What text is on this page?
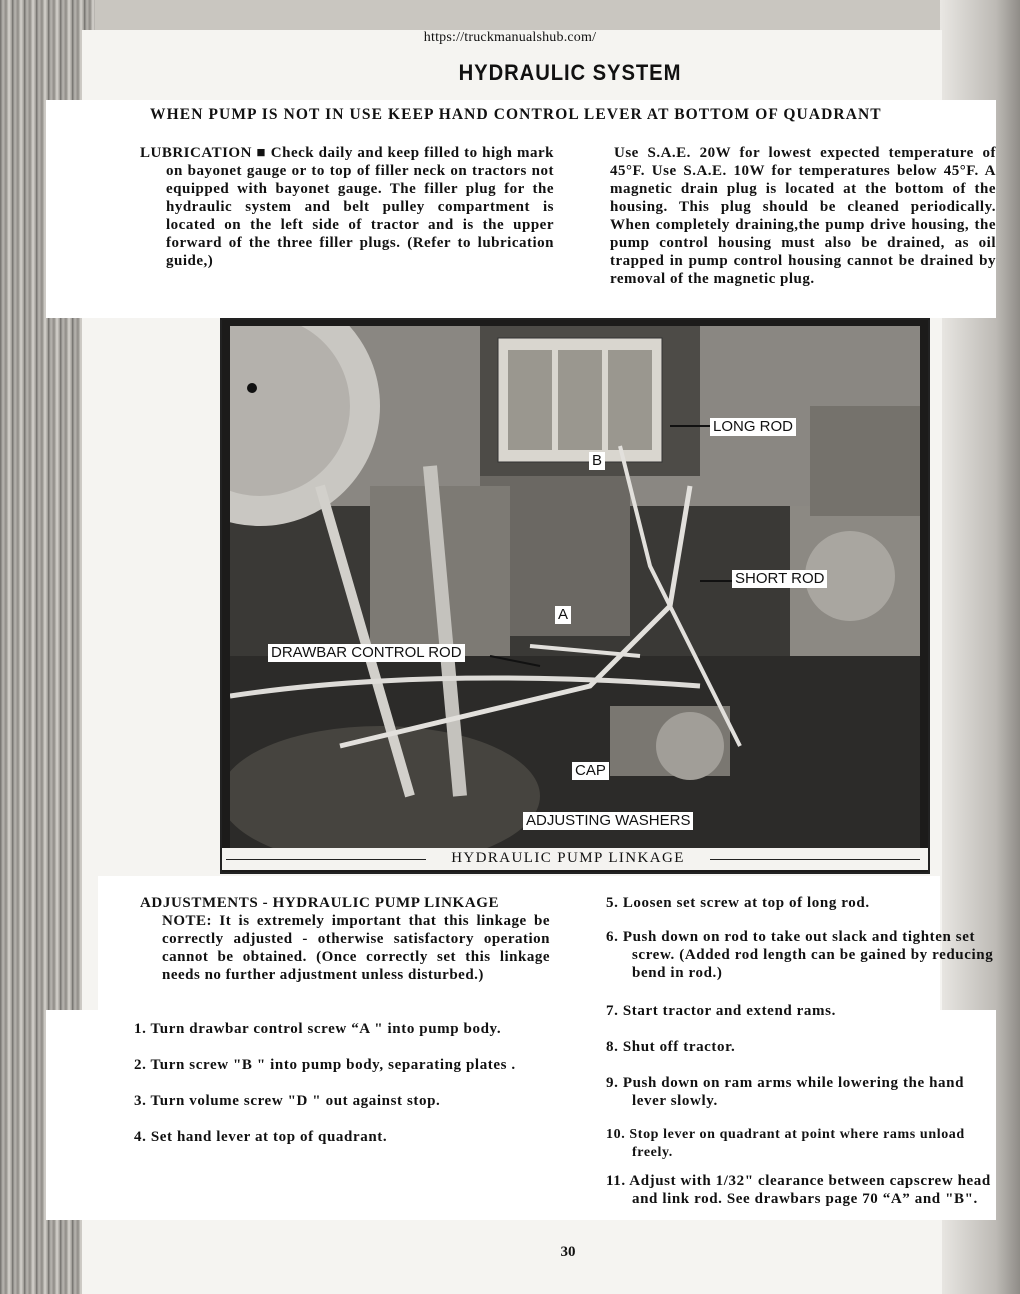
https://truckmanualshub.com/
HYDRAULIC SYSTEM
WHEN PUMP IS NOT IN USE KEEP HAND CONTROL LEVER AT BOTTOM OF QUADRANT

LUBRICATION ■ Check daily and keep filled to high mark on bayonet gauge or to top of filler neck on tractors not equipped with bayonet gauge. The filler plug for the hydraulic system and belt pulley compartment is located on the left side of tractor and is the upper forward of the three filler plugs. (Refer to lubrication guide,)

Use S.A.E. 20W for lowest expected temperature of 45°F. Use S.A.E. 10W for temperatures below 45°F. A magnetic drain plug is located at the bottom of the housing. This plug should be cleaned periodically. When completely draining,the pump drive housing, the pump control housing must also be drained, as oil trapped in pump control housing cannot be drained by removal of the magnetic plug.

LONG ROD
B
SHORT ROD
A
DRAWBAR CONTROL ROD
CAP
ADJUSTING WASHERS
HYDRAULIC PUMP LINKAGE

ADJUSTMENTS - HYDRAULIC PUMP LINKAGE

NOTE: It is extremely important that this linkage be correctly adjusted - otherwise satisfactory operation cannot be obtained. (Once correctly set this linkage needs no further adjustment unless disturbed.)

1. Turn drawbar control screw “A " into pump body.

2. Turn screw "B " into pump body, separating plates .

3. Turn volume screw "D " out against stop.

4. Set hand lever at top of quadrant.

5. Loosen set screw at top of long rod.

6. Push down on rod to take out slack and tighten set screw. (Added rod length can be gained by reducing bend in rod.)

7. Start tractor and extend rams.

8. Shut off tractor.

9. Push down on ram arms while lowering the hand lever slowly.

10. Stop lever on quadrant at point where rams unload freely.

11. Adjust with 1/32" clearance between capscrew head and link rod. See drawbars page 70 “A” and "B".

30
